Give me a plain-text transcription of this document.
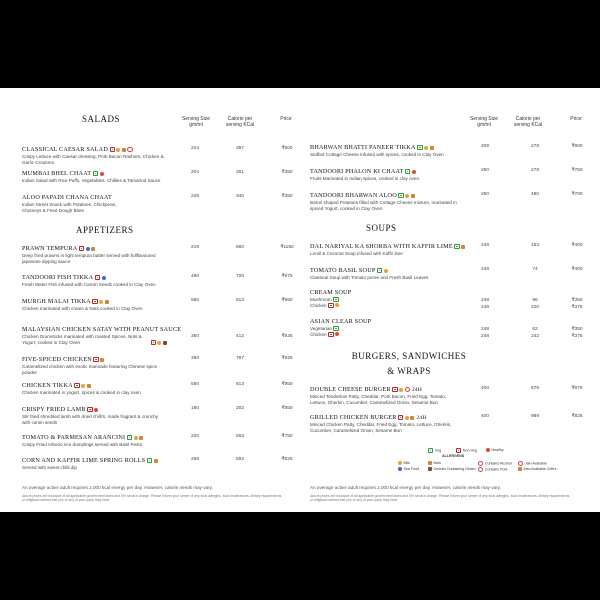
SALADS	Serving Size gm/ml
Calorie per serving KCal
Price
CLASSICAL CAESAR SALAD
Crispy Lettuce with Caesar dressing, Pork Bacon Rashers, Chicken & Garlic Croutons
224	397	₹500
MUMBAI BHEL CHAAT
Indian Salad with Rice Puffs, Vegetables, Chillies & Tamarind Sauce
204	301	₹350
ALOO PAPADI CHANA CHAAT
Indian Street Snack with Potatoes, Chickpeas, Chutneys & Fried Dough Bites
228	340	₹350
APPETIZERS
PRAWN TEMPURA
Deep fried prawns in light tempura batter served with fullflavoured japanese dipping sauce
219	560	₹1150
TANDOORI FISH TIKKA
Fresh Water Fish infused with Carom Seeds cooked in Clay Oven
480	700	₹975
MURGH MALAI TIKKA
Chicken marinated with cream & Nuts,cooked in Clay Oven
550	813	₹950
MALAYSIAN CHICKEN SATAY WITH PEANUT SAUCE
Chicken Drumsticks marinated with roasted Spices, Nuts & Yogurt, cooked in Clay Oven
350	412	₹925
FIVE-SPICED CHICKEN
Caramelized chicken with exotic marinade featuring Chinese spice powder
350	767	₹925
CHICKEN TIKKA
Chicken marinated in yogurt, spices & cooked in clay oven
550	813	₹950
CRISPY FRIED LAMB
Stir fried shredded lamb with dried chilli's, made fragrant & crunchy with cumin seeds
180	202	₹850
TOMATO & PARMESAN ARANCINI
Crispy Fried Arborio rice dumplings served with Basil Pesto
220	563	₹750
CORN AND KAFFIR LIME SPRING ROLLS
Served with sweet chilli dip
256	592	₹625
An average active adult requires 2,000 kcal energy per day. However, calorie needs may vary.
Above prices are inclusive of all applicable government taxes and 5% service charge. Please inform your server of any food allergies, food intolerances, dietary requirements or religious interest that you or any of your party may have.
Serving Size gm/ml
Calorie per serving KCal
Price
BHARWAN BHATTI PANEER TIKKA
Stuffed Cottage Cheese infused with spices, cooked in Clay Oven
209	278	₹900
TANDOORI PHALON KI CHAAT
Fruits Marinated in Indian spices, cooked in clay oven
250	278	₹750
TANDOORI BHARWAN ALOO
Barrel shaped Potatoes filled with Cottage Cheese mixture, marinated in spiced Yogurt, cooked in Clay Oven
250	480	₹700
SOUPS
DAL NARIYAL KA SHORBA WITH KAFFIR LIME
Lentil & Coconut Soup infused with Kaffir lime
248	153	₹400
TOMATO BASIL SOUP
Classical Soup with Tomato puree and Fresh Basil Leaves
248	74	₹400
CREAM SOUP
Mushroom
Chicken
248	96	₹350
248	220	₹375
ASIAN CLEAR SOUP
Vegetarian
Chicken
248	62	₹350
248	242	₹375
BURGERS, SANDWICHES
& WRAPS
DOUBLE CHEESE BURGER	24H
Minced Tenderloin Patty, Cheddar, Pork Bacon, Fried Egg, Tomato, Lettuce, Gherkin, Cucumber, Caramelized Onion, Sesame Bun
400	679	₹875
GRILLED CHICKEN BURGER	24H
Minced Chicken Patty, Cheddar, Fried Egg, Tomato, Lettuce, Gherkin, Cucumber, Caramelized Onion, Sesame Bun
400	989	₹825
Veg	Non-Veg	Healthy
ALLERGENS
Milk
Sea Food
Nuts
Cereals Containing Gluten
Contains Alcohol
Contains Pork
Jain Available
Also Available 24Hrs
An average active adult requires 2,000 kcal energy per day. However, calorie needs may vary.
Above prices are inclusive of all applicable government taxes and 5% service charge. Please inform your server of any food allergies, food intolerances, dietary requirements or religious interest that you or any of your party may have.
